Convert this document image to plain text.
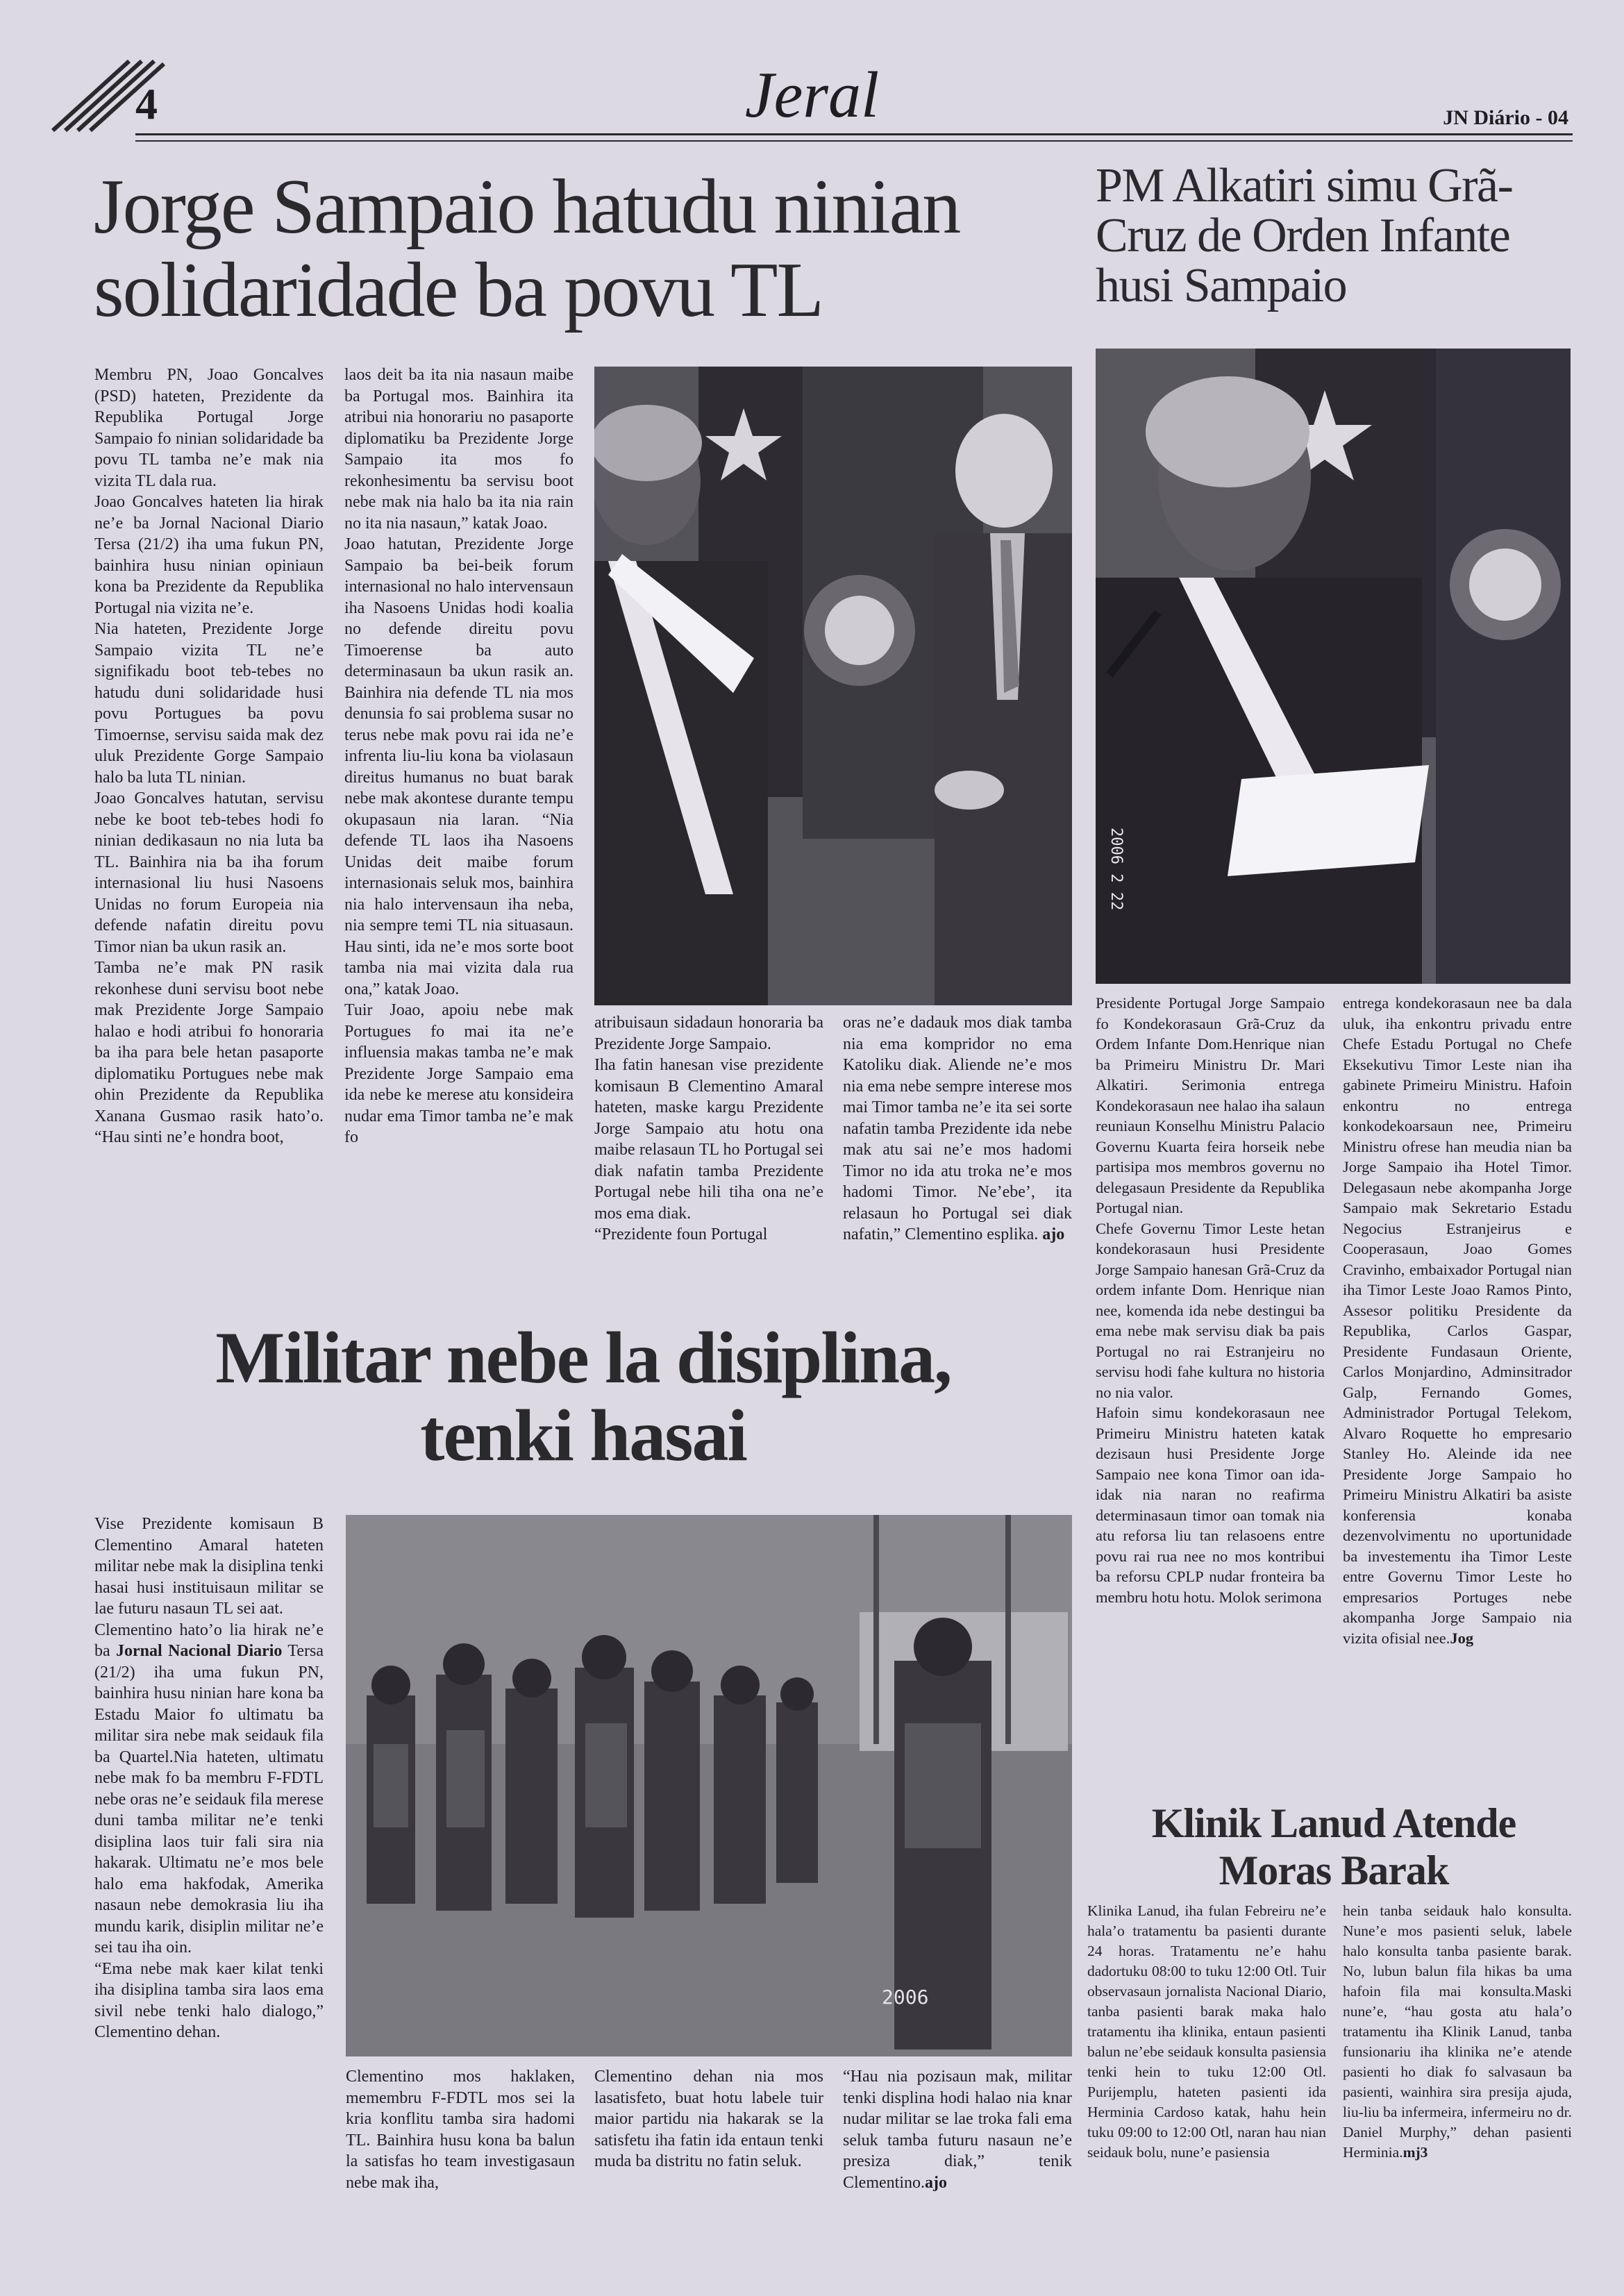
4	Jeral	JN Diário - 04
Jorge Sampaio hatudu ninian
solidaridade ba povu TL

Membru PN, Joao Goncalves (PSD) hateten, Prezidente da Republika Portugal Jorge Sampaio fo ninian solidaridade ba povu TL tamba ne’e mak nia vizita TL dala rua.

Joao Goncalves hateten lia hirak ne’e ba Jornal Nacional Diario Tersa (21/2) iha uma fukun PN, bainhira husu ninian opiniaun kona ba Prezidente da Republika Portugal nia vizita ne’e.

Nia hateten, Prezidente Jorge Sampaio vizita TL ne’e signifikadu boot teb-tebes no hatudu duni solidaridade husi povu Portugues ba povu Timoernse, servisu saida mak dez uluk Prezidente Gorge Sampaio halo ba luta TL ninian.

Joao Goncalves hatutan, servisu nebe ke boot teb-tebes hodi fo ninian dedikasaun no nia luta ba TL. Bainhira nia ba iha forum internasional liu husi Nasoens Unidas no forum Europeia nia defende nafatin direitu povu Timor nian ba ukun rasik an.

Tamba ne’e mak PN rasik rekonhese duni servisu boot nebe mak Prezidente Jorge Sampaio halao e hodi atribui fo honoraria ba iha para bele hetan pasaporte diplomatiku Portugues nebe mak ohin Prezidente da Republika Xanana Gusmao rasik hato’o. “Hau sinti ne’e hondra boot,

laos deit ba ita nia nasaun maibe ba Portugal mos. Bainhira ita atribui nia honorariu no pasaporte diplomatiku ba Prezidente Jorge Sampaio ita mos fo rekonhesimentu ba servisu boot nebe mak nia halo ba ita nia rain no ita nia nasaun,” katak Joao.

Joao hatutan, Prezidente Jorge Sampaio ba bei-beik forum internasional no halo intervensaun iha Nasoens Unidas hodi koalia no defende direitu povu Timoerense ba auto determinasaun ba ukun rasik an. Bainhira nia defende TL nia mos denunsia fo sai problema susar no terus nebe mak povu rai ida ne’e infrenta liu-liu kona ba violasaun direitus humanus no buat barak nebe mak akontese durante tempu okupasaun nia laran. “Nia defende TL laos iha Nasoens Unidas deit maibe forum internasionais seluk mos, bainhira nia halo intervensaun iha neba, nia sempre temi TL nia situasaun. Hau sinti, ida ne’e mos sorte boot tamba nia mai vizita dala rua ona,” katak Joao.

Tuir Joao, apoiu nebe mak Portugues fo mai ita ne’e influensia makas tamba ne’e mak Prezidente Jorge Sampaio ema ida nebe ke merese atu konsideira nudar ema Timor tamba ne’e mak fo

atribuisaun sidadaun honoraria ba Prezidente Jorge Sampaio.

Iha fatin hanesan vise prezidente komisaun B Clementino Amaral hateten, maske kargu Prezidente Jorge Sampaio atu hotu ona maibe relasaun TL ho Portugal sei diak nafatin tamba Prezidente Portugal nebe hili tiha ona ne’e mos ema diak.

“Prezidente foun Portugal

oras ne’e dadauk mos diak tamba nia ema kompridor no ema Katoliku diak. Aliende ne’e mos nia ema nebe sempre interese mos mai Timor tamba ne’e ita sei sorte nafatin tamba Prezidente ida nebe mak atu sai ne’e mos hadomi Timor no ida atu troka ne’e mos hadomi Timor. Ne’ebe’, ita relasaun ho Portugal sei diak nafatin,” Clementino esplika. ajo

PM Alkatiri simu Grã-
Cruz de Orden Infante
husi Sampaio
2006 2 22

Presidente Portugal Jorge Sampaio fo Kondekorasaun Grã-Cruz da Ordem Infante Dom.Henrique nian ba Primeiru Ministru Dr. Mari Alkatiri. Serimonia entrega Kondekorasaun nee halao iha salaun reuniaun Konselhu Ministru Palacio Governu Kuarta feira horseik nebe partisipa mos membros governu no delegasaun Presidente da Republika Portugal nian.

Chefe Governu Timor Leste hetan kondekorasaun husi Presidente Jorge Sampaio hanesan Grã-Cruz da ordem infante Dom. Henrique nian nee, komenda ida nebe destingui ba ema nebe mak servisu diak ba pais Portugal no rai Estranjeiru no servisu hodi fahe kultura no historia no nia valor.

Hafoin simu kondekorasaun nee Primeiru Ministru hateten katak dezisaun husi Presidente Jorge Sampaio nee kona Timor oan ida-idak nia naran no reafirma determinasaun timor oan tomak nia atu reforsa liu tan relasoens entre povu rai rua nee no mos kontribui ba reforsu CPLP nudar fronteira ba membru hotu hotu. Molok serimona

entrega kondekorasaun nee ba dala uluk, iha enkontru privadu entre Chefe Estadu Portugal no Chefe Eksekutivu Timor Leste nian iha gabinete Primeiru Ministru. Hafoin enkontru no entrega konkodekoarsaun nee, Primeiru Ministru ofrese han meudia nian ba Jorge Sampaio iha Hotel Timor. Delegasaun nebe akompanha Jorge Sampaio mak Sekretario Estadu Negocius Estranjeirus e Cooperasaun, Joao Gomes Cravinho, embaixador Portugal nian iha Timor Leste Joao Ramos Pinto, Assesor politiku Presidente da Republika, Carlos Gaspar, Presidente Fundasaun Oriente, Carlos Monjardino, Adminsitrador Galp, Fernando Gomes, Administrador Portugal Telekom, Alvaro Roquette ho empresario Stanley Ho. Aleinde ida nee Presidente Jorge Sampaio ho Primeiru Ministru Alkatiri ba asiste konferensia konaba dezenvolvimentu no uportunidade ba investementu iha Timor Leste entre Governu Timor Leste ho empresarios Portuges nebe akompanha Jorge Sampaio nia vizita ofisial nee.Jog

Militar nebe la disiplina,
tenki hasai

Vise Prezidente komisaun B Clementino Amaral hateten militar nebe mak la disiplina tenki hasai husi instituisaun militar se lae futuru nasaun TL sei aat.

Clementino hato’o lia hirak ne’e ba Jornal Nacional Diario Tersa (21/2) iha uma fukun PN, bainhira husu ninian hare kona ba Estadu Maior fo ultimatu ba militar sira nebe mak seidauk fila ba Quartel.Nia hateten, ultimatu nebe mak fo ba membru F-FDTL nebe oras ne’e seidauk fila merese duni tamba militar ne’e tenki disiplina laos tuir fali sira nia hakarak. Ultimatu ne’e mos bele halo ema hakfodak, Amerika nasaun nebe demokrasia liu iha mundu karik, disiplin militar ne’e sei tau iha oin.

“Ema nebe mak kaer kilat tenki iha disiplina tamba sira laos ema sivil nebe tenki halo dialogo,” Clementino dehan.

2006

Clementino mos haklaken, memembru F-FDTL mos sei la kria konflitu tamba sira hadomi TL. Bainhira husu kona ba balun la satisfas ho team investigasaun nebe mak iha,

Clementino dehan nia mos lasatisfeto, buat hotu labele tuir maior partidu nia hakarak se la satisfetu iha fatin ida entaun tenki muda ba distritu no fatin seluk.

“Hau nia pozisaun mak, militar tenki displina hodi halao nia knar nudar militar se lae troka fali ema seluk tamba futuru nasaun ne’e presiza diak,” tenik Clementino.ajo

Klinik Lanud Atende
Moras Barak

Klinika Lanud, iha fulan Febreiru ne’e hala’o tratamentu ba pasienti durante 24 horas. Tratamentu ne’e hahu dadortuku 08:00 to tuku 12:00 Otl. Tuir observasaun jornalista Nacional Diario, tanba pasienti barak maka halo tratamentu iha klinika, entaun pasienti balun ne’ebe seidauk konsulta pasiensia tenki hein to tuku 12:00 Otl. Purijemplu, hateten pasienti ida Herminia Cardoso katak, hahu hein tuku 09:00 to 12:00 Otl, naran hau nian seidauk bolu, nune’e pasiensia

hein tanba seidauk halo konsulta. Nune’e mos pasienti seluk, labele halo konsulta tanba pasiente barak. No, lubun balun fila hikas ba uma hafoin fila mai konsulta.Maski nune’e, “hau gosta atu hala’o tratamentu iha Klinik Lanud, tanba funsionariu iha klinika ne’e atende pasienti ho diak fo salvasaun ba pasienti, wainhira sira presija ajuda, liu-liu ba infermeira, infermeiru no dr. Daniel Murphy,” dehan pasienti Herminia.mj3
